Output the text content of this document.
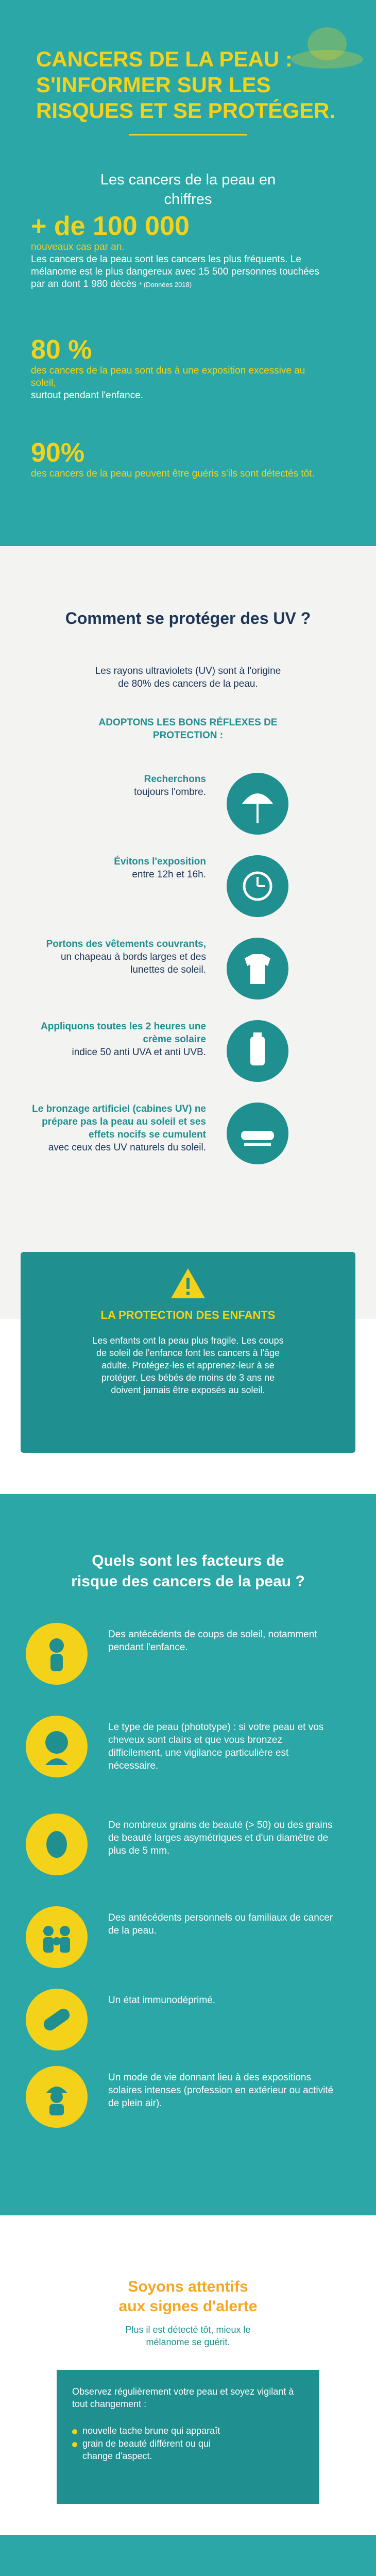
CANCERS DE LA PEAU :
S'INFORMER SUR LES
RISQUES ET SE PROTÉGER.
Les cancers de la peau en chiffres
+ de 100 000
nouveaux cas par an.
Les cancers de la peau sont les cancers les plus fréquents. Le mélanome est le plus dangereux avec 15 500 personnes touchées par an dont 1 980 décès * (Données 2018)
80 %
des cancers de la peau sont dus à une exposition excessive au soleil,
surtout pendant l'enfance.
90%
des cancers de la peau peuvent être guéris s'ils sont détectés tôt.
Comment se protéger des UV ?
Les rayons ultraviolets (UV) sont à l'origine de 80% des cancers de la peau.
ADOPTONS LES BONS RÉFLEXES DE PROTECTION :
Recherchons
toujours l'ombre.
Évitons l'exposition
entre 12h et 16h.
Portons des vêtements couvrants,
un chapeau à bords larges et des lunettes de soleil.
Appliquons toutes les 2 heures une crème solaire
indice 50 anti UVA et anti UVB.
Le bronzage artificiel (cabines UV) ne prépare pas la peau au soleil et ses effets nocifs se cumulent
avec ceux des UV naturels du soleil.
LA PROTECTION DES ENFANTS
Les enfants ont la peau plus fragile. Les coups de soleil de l'enfance font les cancers à l'âge adulte. Protégez-les et apprenez-leur à se protéger. Les bébés de moins de 3 ans ne doivent jamais être exposés au soleil.
Quels sont les facteurs de
risque des cancers de la peau ?
Des antécédents de coups de soleil, notamment pendant l'enfance.
Le type de peau (phototype) : si votre peau et vos cheveux sont clairs et que vous bronzez difficilement, une vigilance particulière est nécessaire.
De nombreux grains de beauté (> 50) ou des grains de beauté larges asymétriques et d'un diamètre de plus de 5 mm.
Des antécédents personnels ou familiaux de cancer de la peau.
Un état immunodéprimé.
Un mode de vie donnant lieu à des expositions solaires intenses (profession en extérieur ou activité de plein air).
Soyons attentifs
aux signes d'alerte
Plus il est détecté tôt, mieux le mélanome se guérit.
Observez régulièrement votre peau et soyez vigilant à tout changement :
nouvelle tache brune qui apparaît
grain de beauté différent ou qui change d'aspect.
